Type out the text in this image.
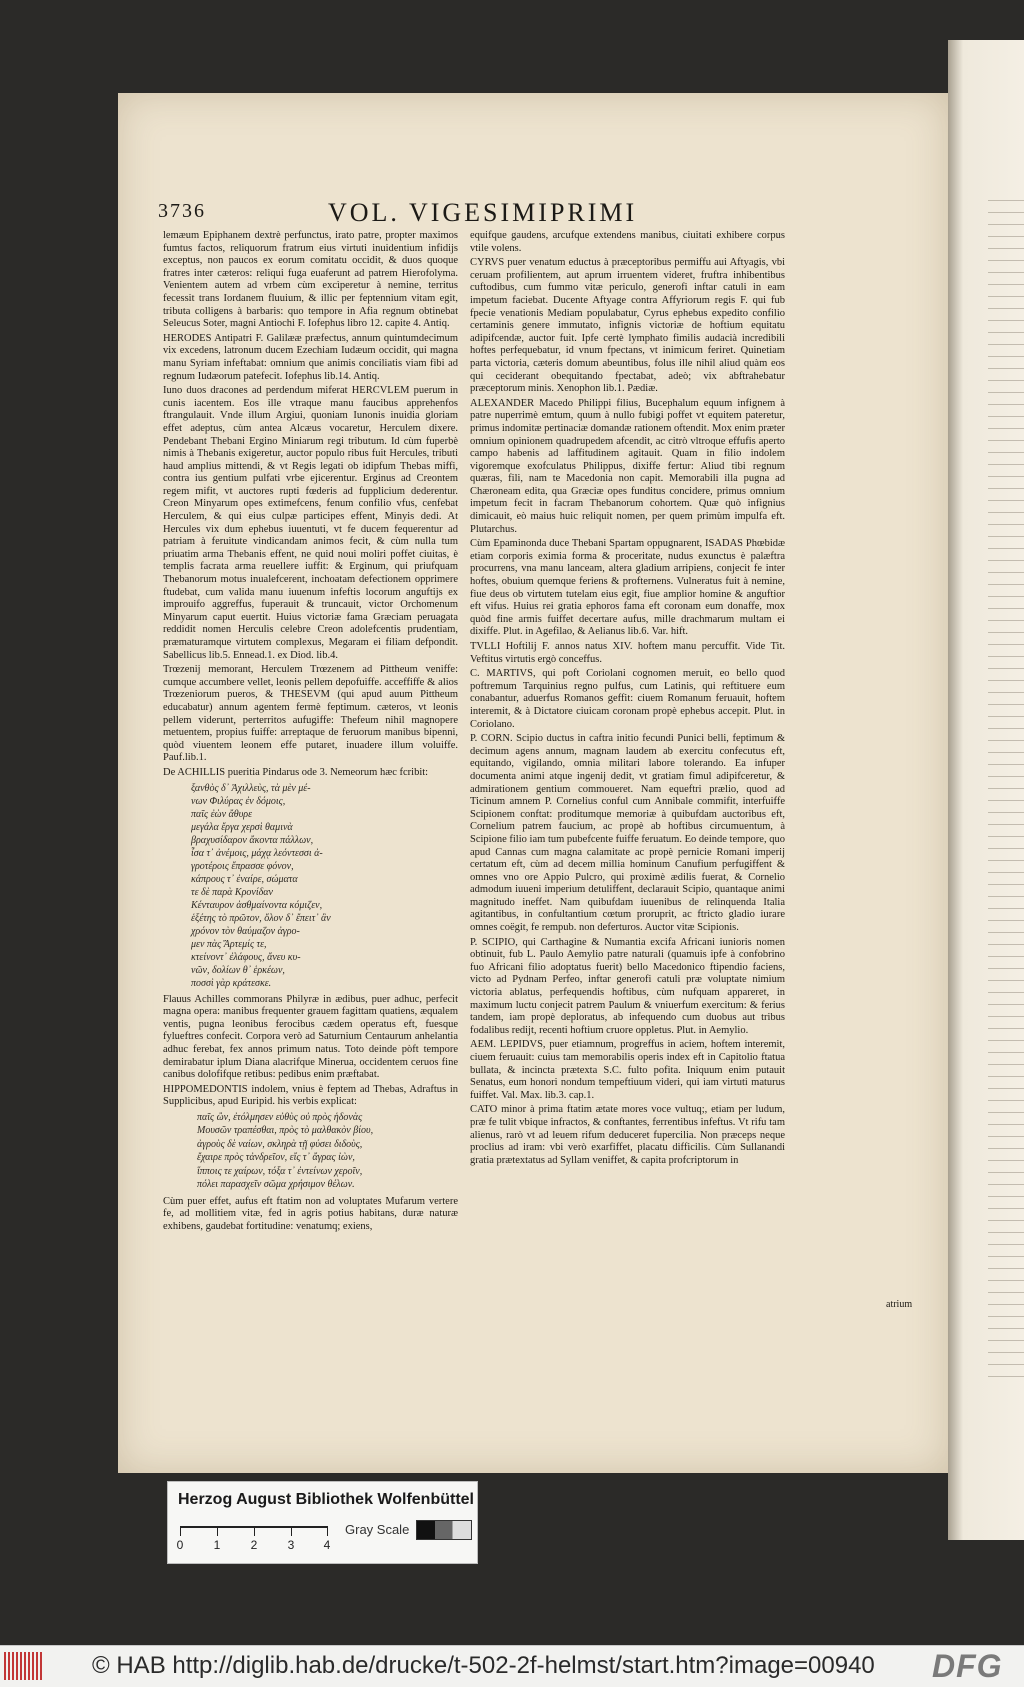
3736	VOL. VIGESIMIPRIMI

lemæum Epiphanem dextrè perfunctus, irato patre, propter maximos fumtus factos, reliquorum fratrum eius virtuti inuidentium infidijs exceptus, non paucos ex eorum comitatu occidit, & duos quoque fratres inter cæteros: reliqui fuga euaferunt ad patrem Hierofolyma. Venientem autem ad vrbem cùm excìperetur à nemine, territus fecessit trans Iordanem fluuium, & illic per feptennium vitam egit, tributa colligens à barbaris: quo tempore in Afia regnum obtinebat Seleucus Soter, magni Antiochi F. Iofephus libro 12. capite 4. Antiq.

HERODES Antipatri F. Galilææ præfectus, annum quintumdecimum vix excedens, latronum ducem Ezechiam Iudæum occidit, qui magna manu Syriam infeftabat: omnium que animis conciliatis viam fibi ad regnum Iudæorum patefecit. Iofephus lib.14. Antiq.

Iuno duos dracones ad perdendum miferat HERCVLEM puerum in cunis iacentem. Eos ille vtraque manu faucibus apprehenfos ftrangulauit. Vnde illum Argiui, quoniam Iunonis inuidia gloriam effet adeptus, cùm antea Alcæus vocaretur, Herculem dixere. Pendebant Thebani Ergino Miniarum regi tributum. Id cùm fuperbè nimis à Thebanis exigeretur, auctor populo ribus fuit Hercules, tributi haud amplius mittendi, & vt Regis legati ob idipfum Thebas miffi, contra ius gentium pulfati vrbe ejicerentur. Erginus ad Creontem regem mifit, vt auctores rupti fœderis ad fupplicium dederentur. Creon Minyarum opes extimefcens, fenum confilio vfus, cenfebat Herculem, & qui eius culpæ participes effent, Minyis dedi. At Hercules vix dum ephebus iuuentuti, vt fe ducem fequerentur ad patriam à feruitute vindicandam animos fecit, & cùm nulla tum priuatim arma Thebanis effent, ne quid noui moliri poffet ciuitas, è templis facrata arma reuellere iuffit: & Erginum, qui priufquam Thebanorum motus inualefcerent, inchoatam defectionem opprimere ftudebat, cum valida manu iuuenum infeftis locorum anguftijs ex improuifo aggreffus, fuperauit & truncauit, victor Orchomenum Minyarum caput euertit. Huius victoriæ fama Græciam peruagata reddidit nomen Herculis celebre Creon adolefcentis prudentiam, præmaturamque virtutem complexus, Megaram ei filiam defpondit. Sabellicus lib.5. Ennead.1. ex Diod. lib.4.

Trœzenij memorant, Herculem Trœzenem ad Pittheum veniffe: cumque accumbere vellet, leonis pellem depofuiffe. acceffiffe & alios Trœzeniorum pueros, & THESEVM (qui apud auum Pittheum educabatur) annum agentem fermè feptimum. cæteros, vt leonis pellem viderunt, perterritos aufugiffe: Thefeum nihil magnopere metuentem, propius fuiffe: arreptaque de feruorum manibus bipenni, quòd viuentem leonem effe putaret, inuadere illum voluiffe. Pauf.lib.1.

De ACHILLIS pueritia Pindarus ode 3. Nemeorum hæc fcribit:

ξανθὸς δ᾽ Ἀχιλλεὺς, τὰ μὲν μέ-
νων Φιλύρας ἐν δόμοις,
παῖς ἐὼν ἄθυρε
μεγάλα ἔργα χερσὶ θαμινὰ
βραχυσίδαρον ἄκοντα πάλλων,
ἶσα τ᾽ ἀνέμοις, μάχᾳ λεόντεσσι ἀ-
γροτέροις ἔπρασσε φόνον,
κάπρους τ᾽ ἐναίρε, σώματα
τε δὲ παρὰ Κρονίδαν
Κένταυρον ἀσθμαίνοντα κόμιζεν,
ἑξέτης τὸ πρῶτον, ὅλον δ᾽ ἔπειτ᾽ ἂν
χρόνον τὸν θαύμαζον ἀγρο-
μεν πὰς Ἄρτεμίς τε,
κτείνοντ᾽ ἐλάφους, ἄνευ κυ-
νῶν, δολίων θ᾽ ἑρκέων,
ποσσὶ γὰρ κράτεσκε.

Flauus Achilles commorans Philyræ in ædibus, puer adhuc, perfecit magna opera: manibus frequenter grauem fagittam quatiens, æqualem ventis, pugna leonibus ferocibus cædem operatus eft, fuesque fylueftres confecit. Corpora verò ad Saturnium Centaurum anhelantia adhuc ferebat, fex annos primum natus. Toto deinde pòft tempore demirabatur iplum Diana alacrifque Minerua, occidentem ceruos fine canibus dolofifque retibus: pedibus enim præftabat.

HIPPOMEDONTIS indolem, vnius è feptem ad Thebas, Adraftus in Supplicibus, apud Euripid. his verbis explicat:

παῖς ὢν, ἐτόλμησεν εὐθὺς οὐ πρὸς ἡδονὰς
Μουσῶν τραπέσθαι, πρὸς τὸ μαλθακὸν βίου,
ἀγροὺς δὲ ναίων, σκληρὰ τῇ φύσει διδοὺς,
ἔχαιρε πρὸς τἀνδρεῖον, εἴς τ᾽ ἄγρας ἰὼν,
ἵπποις τε χαίρων, τόξα τ᾽ ἐντείνων χεροῖν,
πόλει παρασχεῖν σῶμα χρήσιμον θέλων.

Cùm puer effet, aufus eft ftatim non ad voluptates Mufarum vertere fe, ad mollitiem vitæ, fed in agris potius habitans, duræ naturæ exhibens, gaudebat fortitudine: venatumq; exiens,

equifque gaudens, arcufque extendens manibus, ciuitati exhibere corpus vtile volens.

CYRVS puer venatum eductus à præceptoribus permiffu aui Aftyagis, vbi ceruam profilientem, aut aprum irruentem videret, fruftra inhibentibus cuftodibus, cum fummo vitæ periculo, generofi inftar catuli in eam impetum faciebat. Ducente Aftyage contra Affyriorum regis F. qui fub fpecie venationis Mediam populabatur, Cyrus ephebus expedito confilio certaminis genere immutato, infignis victoriæ de hoftium equitatu adipifcendæ, auctor fuit. Ipfe certè lymphato fimilis audacià incredibili hoftes perfequebatur, id vnum fpectans, vt inimicum feriret. Quinetiam parta victoria, cæteris domum abeuntibus, folus ille nihil aliud quàm eos qui ceciderant obequitando fpectabat, adeò; vix abftrahebatur præceptorum minis. Xenophon lib.1. Pædiæ.

ALEXANDER Macedo Philippi filius, Bucephalum equum infignem à patre nuperrimè emtum, quum à nullo fubigi poffet vt equitem pateretur, primus indomitæ pertinaciæ domandæ rationem oftendit. Mox enim præter omnium opinionem quadrupedem afcendit, ac citrò vltroque effufis aperto campo habenis ad laffitudinem agitauit. Quam in filio indolem vigoremque exofculatus Philippus, dixiffe fertur: Aliud tibi regnum quæras, fili, nam te Macedonia non capit. Memorabili illa pugna ad Chæroneam edita, qua Græciæ opes funditus conciderе, primus omnium impetum fecit in facram Thebanorum cohortem. Quæ quò infignius dimicauit, eò maius huic reliquit nomen, per quem primùm impulfa eft. Plutarchus.

Cùm Epaminonda duce Thebani Spartam oppugnarent, ISADAS Phœbidæ etiam corporis eximia forma & proceritate, nudus exunctus è palæftra procurrens, vna manu lanceam, altera gladium arripiens, conjecit fe inter hoftes, obuium quemque feriens & profternens. Vulneratus fuit à nemine, fiue deus ob virtutem tutelam eius egit, fiue amplior homine & anguftior eft vifus. Huius rei gratia ephoros fama eft coronam eum donaffe, mox quòd fine armis fuiffet decertare aufus, mille drachmarum multam ei dixiffe. Plut. in Agefilao, & Aelianus lib.6. Var. hift.

TVLLI Hoftilij F. annos natus XIV. hoftem manu percuffit. Vide Tit. Veftitus virtutis ergò conceffus.

C. MARTIVS, qui poft Coriolani cognomen meruit, eo bello quod poftremum Tarquinius regno pulfus, cum Latinis, qui reftituere eum conabantur, aduerfus Romanos geffit: ciuem Romanum feruauit, hoftem interemit, & à Dictatore ciuicam coronam propè ephebus accepit. Plut. in Coriolano.

P. CORN. Scipio ductus in caftra initio fecundi Punici belli, feptimum & decimum agens annum, magnam laudem ab exercitu confecutus eft, equitando, vigilando, omnia militari labore tolerando. Ea infuper documenta animi atque ingenij dedit, vt gratiam fimul adipifceretur, & admirationem gentium commoueret. Nam equeftri prælio, quod ad Ticinum amnem P. Cornelius conful cum Annibale commifit, interfuiffe Scipionem conftat: proditumque memoriæ à quibufdam auctoribus eft, Cornelium patrem faucium, ac propè ab hoftibus circumuentum, à Scipione filio iam tum pubefcente fuiffe feruatum. Eo deinde tempore, quo apud Cannas cum magna calamitate ac propè pernicie Romani imperij certatum eft, cùm ad decem millia hominum Canufium perfugiffent & omnes vno ore Appio Pulcro, qui proximè ædilis fuerat, & Cornelio admodum iuueni imperium detuliffent, declarauit Scipio, quantaque animi magnitudo ineffet. Nam quibufdam iuuenibus de relinquenda Italia agitantibus, in confultantium cœtum proruprit, ac ftricto gladio iurare omnes coëgit, fe rempub. non deferturos. Auctor vitæ Scipionis.

P. SCIPIO, qui Carthagine & Numantia excifa Africani iunioris nomen obtinuit, fub L. Paulo Aemylio patre naturali (quamuis ipfe à confobrino fuo Africani filio adoptatus fuerit) bello Macedonico ftipendio faciens, victo ad Pydnam Perfeo, inftar generofi catuli præ voluptate nimium victoria ablatus, perfequendis hoftibus, cùm nufquam appareret, in maximum luctu conjecit patrem Paulum & vniuerfum exercitum: & ferius tandem, iam propè deploratus, ab infequendo cum duobus aut tribus fodalibus redijt, recenti hoftium cruore oppletus. Plut. in Aemylio.

AEM. LEPIDVS, puer etiamnum, progreffus in aciem, hoftem interemit, ciuem feruauit: cuius tam memorabilis operis index eft in Capitolio ftatua bullata, & incincta prætexta S.C. fulto pofita. Iniquum enim putauit Senatus, eum honori nondum tempeftiuum videri, qui iam virtuti maturus fuiffet. Val. Max. lib.3. cap.1.

CATO minor à prima ftatim ætate mores voce vultuq;, etiam per ludum, præ fe tulit vbique infractos, & conftantes, ferrentibus infeftus. Vt rifu tam alienus, rarò vt ad leuem rifum deduceret fupercilia. Non præceps neque proclius ad iram: vbi verò exarfiffet, placatu difficilis. Cùm Sullanandi gratia prætextatus ad Syllam veniffet, & capita profcriptorum in

atrium
Herzog August Bibliothek Wolfenbüttel
0	1	2	3 4
Gray Scale
© HAB http://diglib.hab.de/drucke/t-502-2f-helmst/start.htm?image=00940 DFG
